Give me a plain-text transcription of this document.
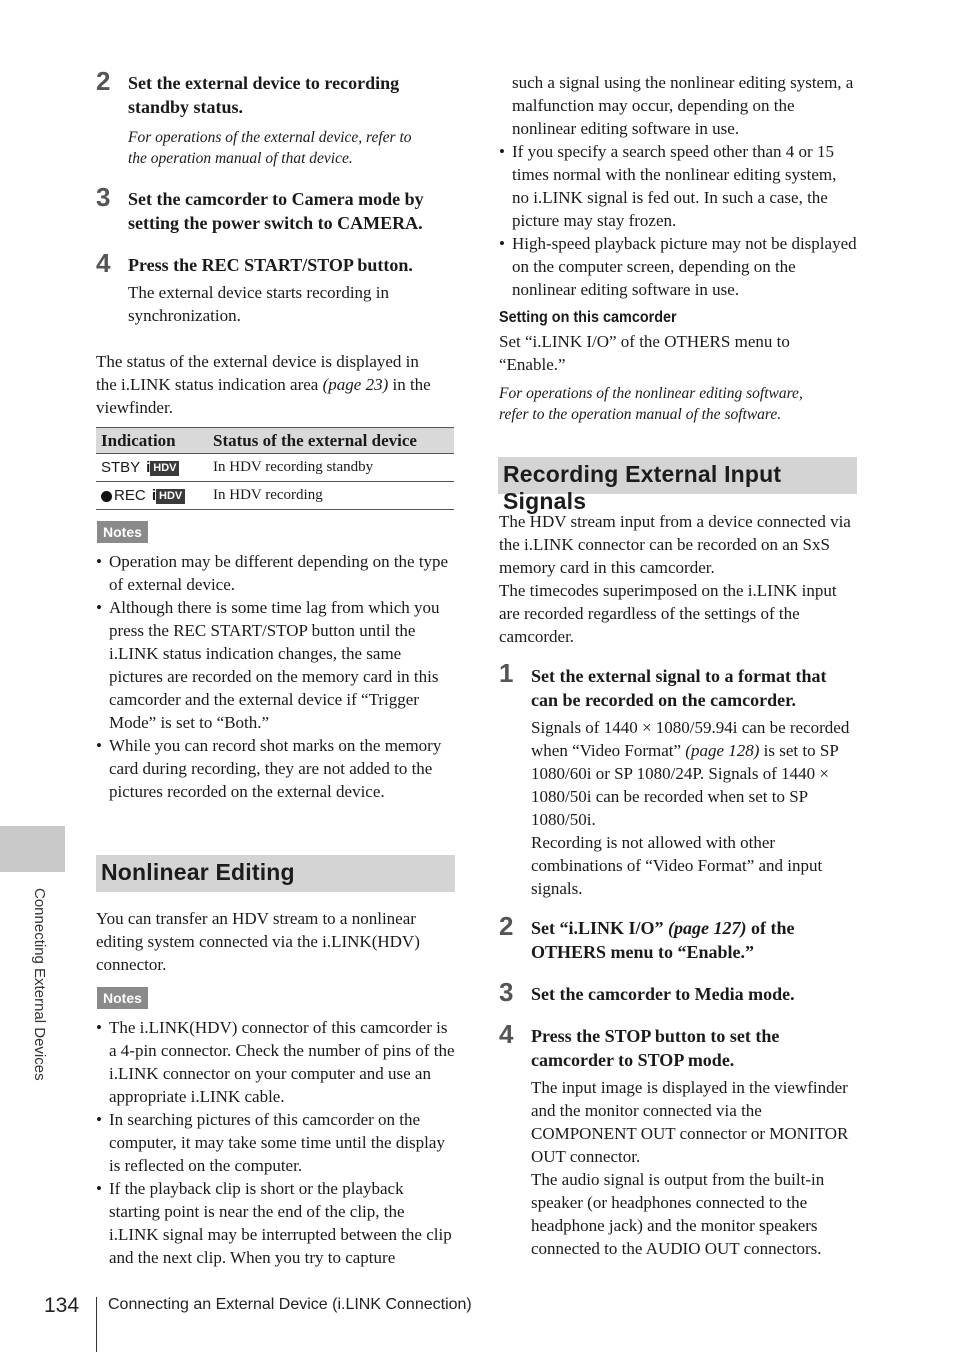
2 Set the external device to recording
standby status.
For operations of the external device, refer to
the operation manual of that device.
3 Set the camcorder to Camera mode by
setting the power switch to CAMERA.
4 Press the REC START/STOP button.
The external device starts recording in
synchronization.
The status of the external device is displayed in
the i.LINK status indication area (page 23) in the
viewfinder.
Indication	Status of the external device
STBY i HDV	In HDV recording standby
REC i HDV	In HDV recording
Notes
• Operation may be different depending on the type of external device.
• Although there is some time lag from which you press the REC START/STOP button until the i.LINK status indication changes, the same pictures are recorded on the memory card in this camcorder and the external device if “Trigger Mode” is set to “Both.”
• While you can record shot marks on the memory card during recording, they are not added to the pictures recorded on the external device.
Nonlinear Editing
You can transfer an HDV stream to a nonlinear editing system connected via the i.LINK(HDV) connector.
Notes
• The i.LINK(HDV) connector of this camcorder is a 4-pin connector. Check the number of pins of the i.LINK connector on your computer and use an appropriate i.LINK cable.
• In searching pictures of this camcorder on the computer, it may take some time until the display is reflected on the computer.
• If the playback clip is short or the playback starting point is near the end of the clip, the i.LINK signal may be interrupted between the clip and the next clip. When you try to capture
such a signal using the nonlinear editing system, a malfunction may occur, depending on the nonlinear editing software in use.
• If you specify a search speed other than 4 or 15 times normal with the nonlinear editing system, no i.LINK signal is fed out. In such a case, the picture may stay frozen.
• High-speed playback picture may not be displayed on the computer screen, depending on the nonlinear editing software in use.
Setting on this camcorder
Set “i.LINK I/O” of the OTHERS menu to
“Enable.”
For operations of the nonlinear editing software,
refer to the operation manual of the software.
Recording External Input Signals
The HDV stream input from a device connected via the i.LINK connector can be recorded on an SxS memory card in this camcorder.
The timecodes superimposed on the i.LINK input are recorded regardless of the settings of the camcorder.
1 Set the external signal to a format that
can be recorded on the camcorder.
Signals of 1440 × 1080/59.94i can be recorded when “Video Format” (page 128) is set to SP 1080/60i or SP 1080/24P. Signals of 1440 × 1080/50i can be recorded when set to SP 1080/50i.
Recording is not allowed with other combinations of “Video Format” and input signals.
2 Set “i.LINK I/O” (page 127) of the
OTHERS menu to “Enable.”
3 Set the camcorder to Media mode.
4 Press the STOP button to set the
camcorder to STOP mode.
The input image is displayed in the viewfinder and the monitor connected via the COMPONENT OUT connector or MONITOR OUT connector.
The audio signal is output from the built-in speaker (or headphones connected to the headphone jack) and the monitor speakers connected to the AUDIO OUT connectors.
Connecting External Devices
134 Connecting an External Device (i.LINK Connection)
